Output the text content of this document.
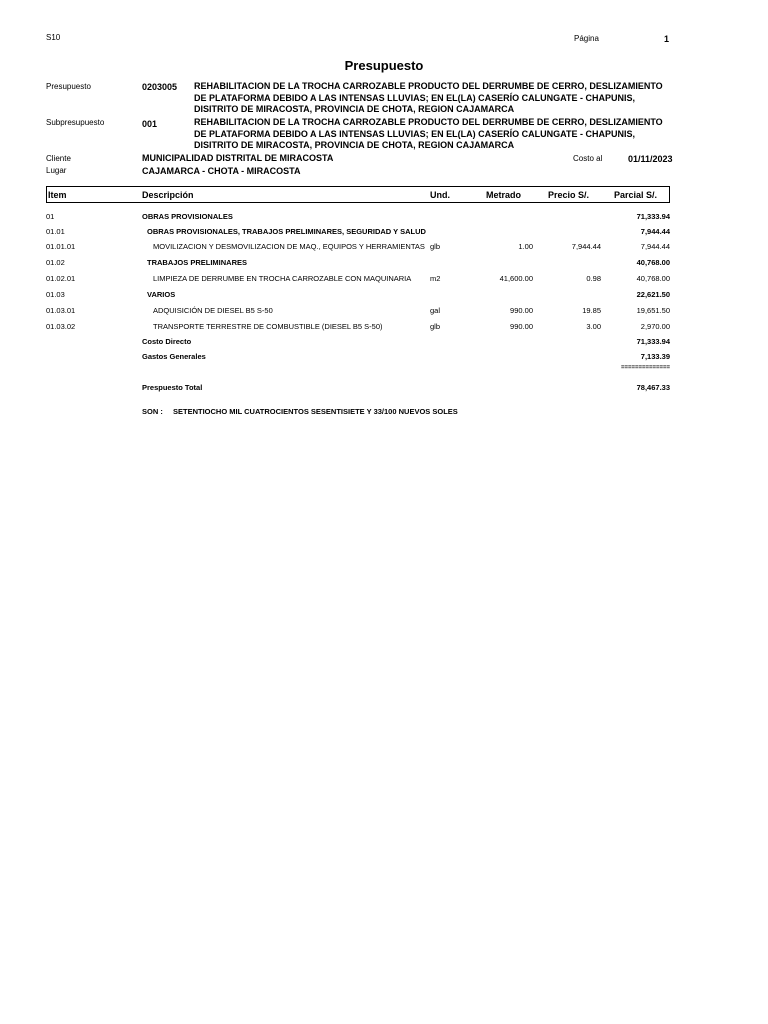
S10	Página	1
Presupuesto
Presupuesto	0203005 REHABILITACION DE LA TROCHA CARROZABLE PRODUCTO DEL DERRUMBE DE CERRO, DESLIZAMIENTO DE PLATAFORMA DEBIDO A LAS INTENSAS LLUVIAS; EN EL(LA) CASERÍO CALUNGATE - CHAPUNIS, DISITRITO DE MIRACOSTA, PROVINCIA DE CHOTA, REGION CAJAMARCA
Subpresupuesto	001	REHABILITACION DE LA TROCHA CARROZABLE PRODUCTO DEL DERRUMBE DE CERRO, DESLIZAMIENTO DE PLATAFORMA DEBIDO A LAS INTENSAS LLUVIAS; EN EL(LA) CASERÍO CALUNGATE - CHAPUNIS, DISITRITO DE MIRACOSTA, PROVINCIA DE CHOTA, REGION CAJAMARCA
Cliente	MUNICIPALIDAD DISTRITAL DE MIRACOSTA	Costo al	01/11/2023
Lugar	CAJAMARCA - CHOTA - MIRACOSTA
Item	Descripción	Und.	Metrado	Precio S/.	Parcial S/.
01	OBRAS PROVISIONALES	71,333.94
01.01	OBRAS PROVISIONALES, TRABAJOS PRELIMINARES, SEGURIDAD Y SALUD	7,944.44
01.01.01	MOVILIZACION Y DESMOVILIZACION DE MAQ., EQUIPOS Y HERRAMIENTAS glb	1.00	7,944.44	7,944.44
01.02	TRABAJOS PRELIMINARES	40,768.00
01.02.01	LIMPIEZA DE DERRUMBE EN TROCHA CARROZABLE CON MAQUINARIA	m2	41,600.00	0.98	40,768.00
01.03	VARIOS	22,621.50
01.03.01	ADQUISICIÓN DE DIESEL B5 S-50	gal	990.00	19.85	19,651.50
01.03.02	TRANSPORTE TERRESTRE DE COMBUSTIBLE (DIESEL B5 S-50)	glb	990.00	3.00	2,970.00
Costo Directo	71,333.94
Gastos Generales	7,133.39
==============
Prespuesto Total	78,467.33
SON : SETENTIOCHO MIL CUATROCIENTOS SESENTISIETE Y 33/100 NUEVOS SOLES
